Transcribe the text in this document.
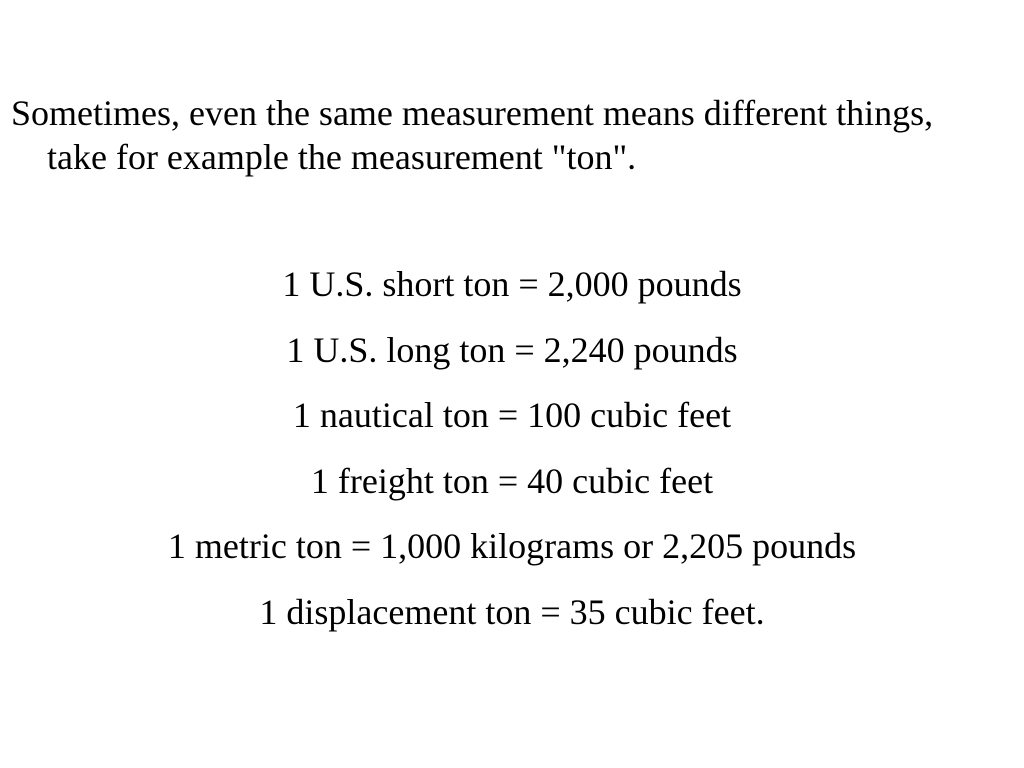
Sometimes, even the same measurement means different things, take for example the measurement "ton".

1 U.S. short ton = 2,000 pounds
1 U.S. long ton = 2,240 pounds
1 nautical ton = 100 cubic feet
1 freight ton = 40 cubic feet
1 metric ton = 1,000 kilograms or 2,205 pounds
1 displacement ton = 35 cubic feet.
